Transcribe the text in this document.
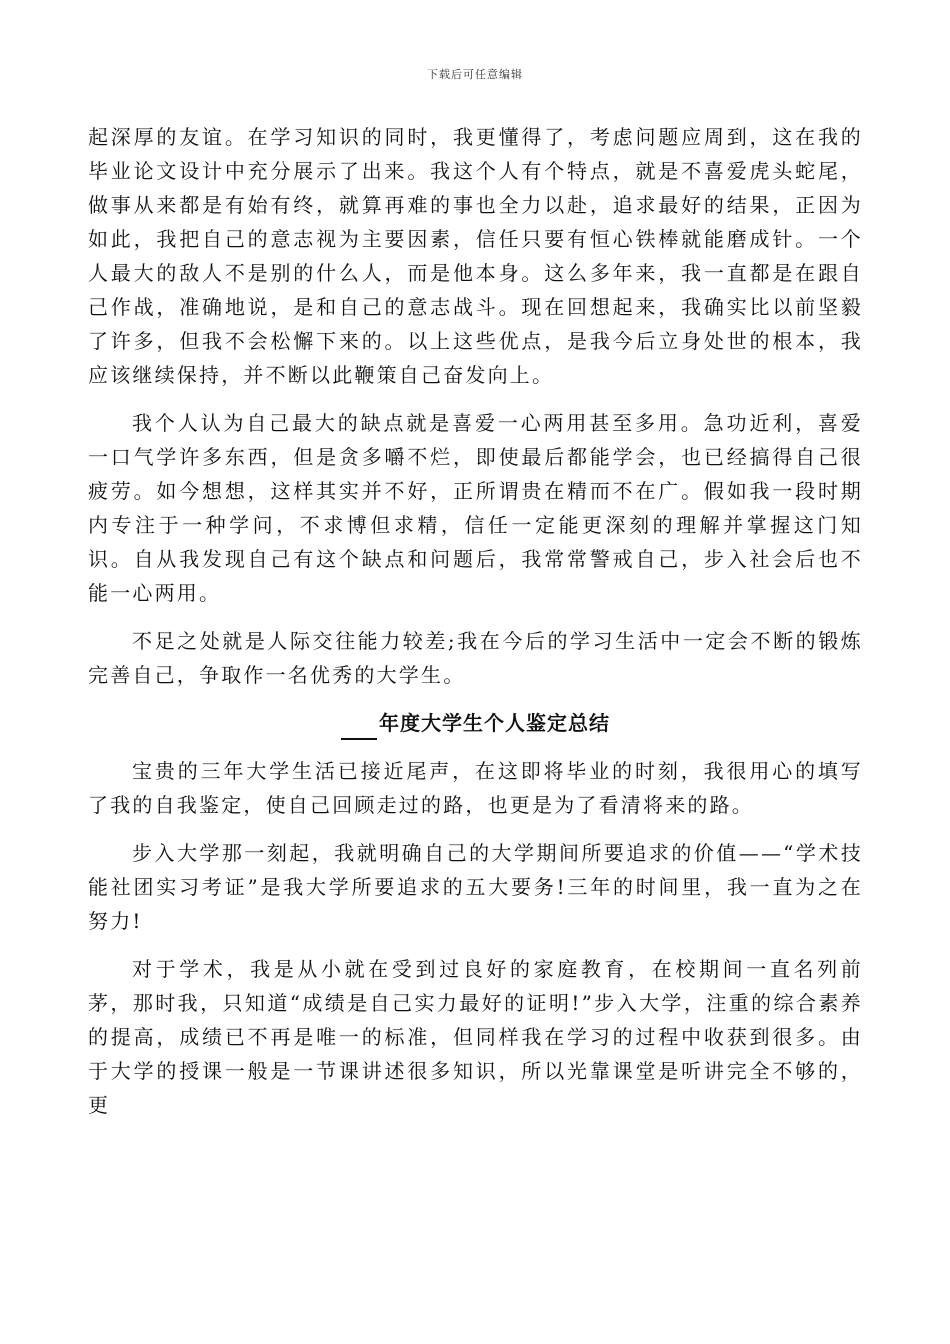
下载后可任意编辑

起深厚的友谊。在学习知识的同时，我更懂得了，考虑问题应周到，这在我的毕业论文设计中充分展示了出来。我这个人有个特点，就是不喜爱虎头蛇尾，做事从来都是有始有终，就算再难的事也全力以赴，追求最好的结果，正因为如此，我把自己的意志视为主要因素，信任只要有恒心铁棒就能磨成针。一个人最大的敌人不是别的什么人，而是他本身。这么多年来，我一直都是在跟自己作战，准确地说，是和自己的意志战斗。现在回想起来，我确实比以前坚毅了许多，但我不会松懈下来的。以上这些优点，是我今后立身处世的根本，我应该继续保持，并不断以此鞭策自己奋发向上。

我个人认为自己最大的缺点就是喜爱一心两用甚至多用。急功近利，喜爱一口气学许多东西，但是贪多嚼不烂，即使最后都能学会，也已经搞得自己很疲劳。如今想想，这样其实并不好，正所谓贵在精而不在广。假如我一段时期内专注于一种学问，不求博但求精，信任一定能更深刻的理解并掌握这门知识。自从我发现自己有这个缺点和问题后，我常常警戒自己，步入社会后也不能一心两用。

不足之处就是人际交往能力较差;我在今后的学习生活中一定会不断的锻炼完善自己，争取作一名优秀的大学生。

年度大学生个人鉴定总结

宝贵的三年大学生活已接近尾声，在这即将毕业的时刻，我很用心的填写了我的自我鉴定，使自己回顾走过的路，也更是为了看清将来的路。

步入大学那一刻起，我就明确自己的大学期间所要追求的价值——“学术技能社团实习考证”是我大学所要追求的五大要务!三年的时间里，我一直为之在努力!

对于学术，我是从小就在受到过良好的家庭教育，在校期间一直名列前茅，那时我，只知道“成绩是自己实力最好的证明!”步入大学，注重的综合素养的提高，成绩已不再是唯一的标准，但同样我在学习的过程中收获到很多。由于大学的授课一般是一节课讲述很多知识，所以光靠课堂是听讲完全不够的，更
